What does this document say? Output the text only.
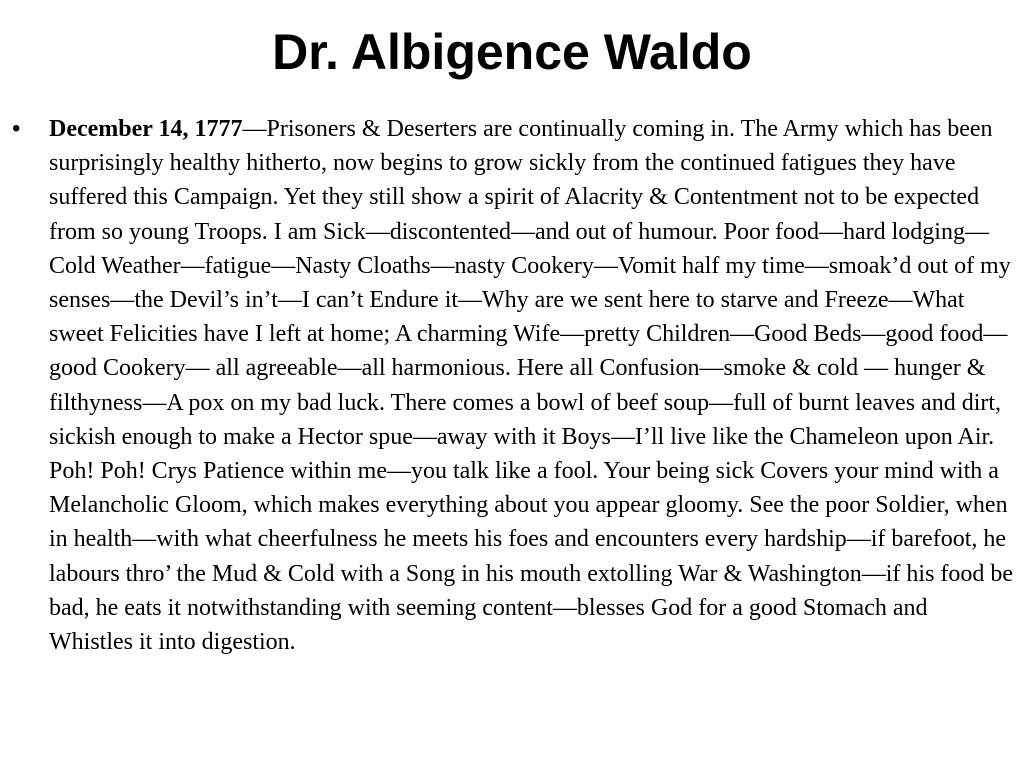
Dr. Albigence Waldo
• December 14, 1777—Prisoners & Deserters are continually coming in. The Army which has been surprisingly healthy hitherto, now begins to grow sickly from the continued fatigues they have suffered this Campaign. Yet they still show a spirit of Alacrity & Contentment not to be expected from so young Troops. I am Sick—discontented—and out of humour. Poor food—hard lodging—Cold Weather—fatigue—Nasty Cloaths—nasty Cookery—Vomit half my time—smoak’d out of my senses—the Devil’s in’t—I can’t Endure it—Why are we sent here to starve and Freeze—What sweet Felicities have I left at home; A charming Wife—pretty Children—Good Beds—good food—good Cookery— all agreeable—all harmonious. Here all Confusion—smoke & cold — hunger & filthyness—A pox on my bad luck. There comes a bowl of beef soup—full of burnt leaves and dirt, sickish enough to make a Hector spue—away with it Boys—I’ll live like the Chameleon upon Air. Poh! Poh! Crys Patience within me—you talk like a fool. Your being sick Covers your mind with a Melancholic Gloom, which makes everything about you appear gloomy. See the poor Soldier, when in health—with what cheerfulness he meets his foes and encounters every hardship—if barefoot, he labours thro’ the Mud & Cold with a Song in his mouth extolling War & Washington—if his food be bad, he eats it notwithstanding with seeming content—blesses God for a good Stomach and Whistles it into digestion.
